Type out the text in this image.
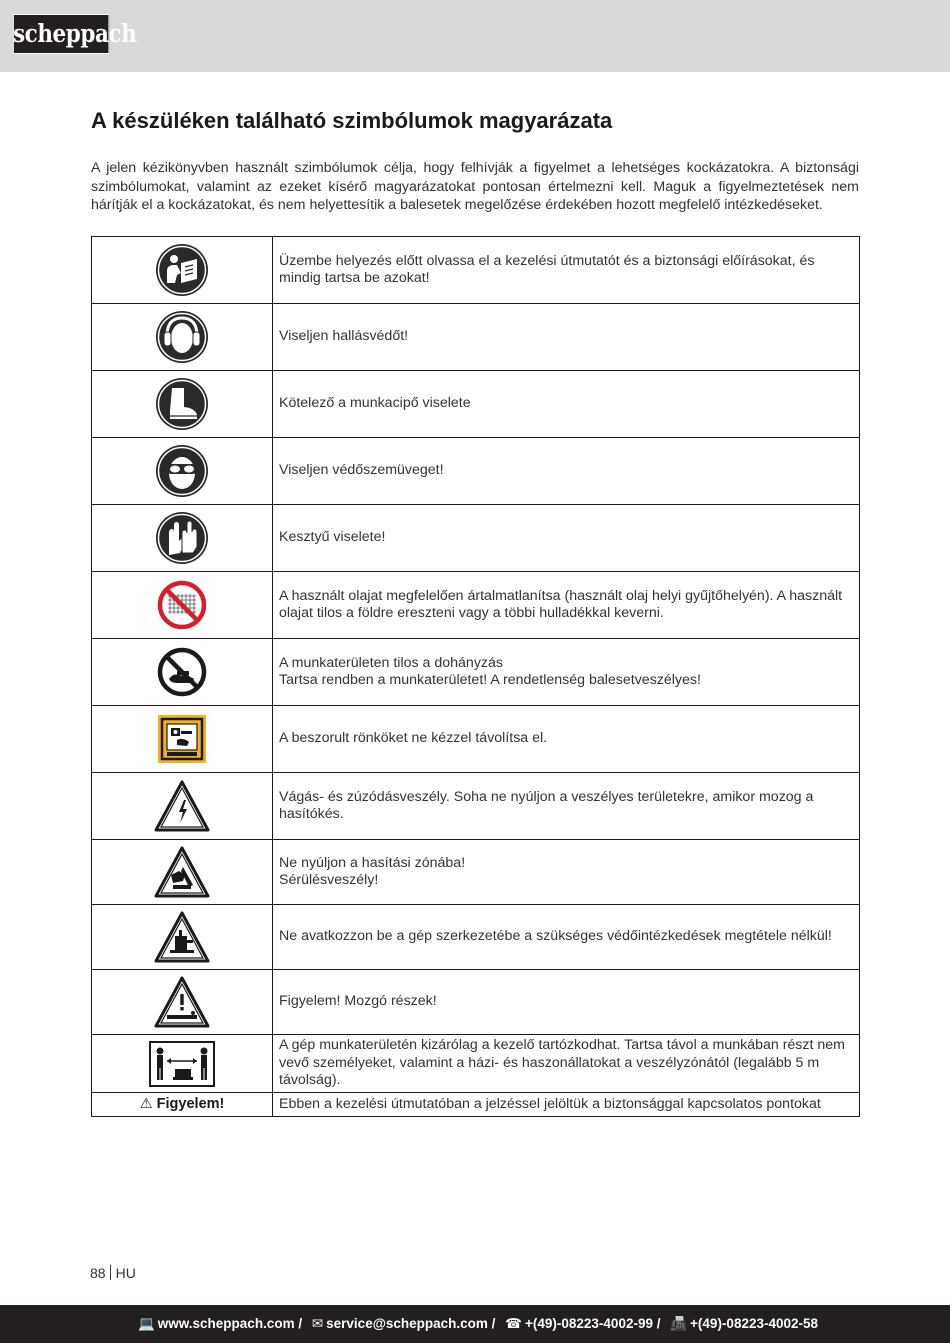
scheppach
A készüléken található szimbólumok magyarázata

A jelen kézikönyvben használt szimbólumok célja, hogy felhívják a figyelmet a lehetséges kockázatokra. A biztonsági szimbólumokat, valamint az ezeket kísérő magyarázatokat pontosan értelmezni kell. Maguk a figyelmeztetések nem hárítják el a kockázatokat, és nem helyettesítik a balesetek megelőzése érdekében hozott megfelelő intézkedéseket.

Üzembe helyezés előtt olvassa el a kezelési útmutatót és a biztonsági előírásokat, és mindig tartsa be azokat!

Viseljen hallásvédőt!

Kötelező a munkacipő viselete

Viseljen védőszemüveget!

Kesztyű viselete!

A használt olajat megfelelően ártalmatlanítsa (használt olaj helyi gyűjtőhelyén). A használt olajat tilos a földre ereszteni vagy a többi hulladékkal keverni.

A munkaterületen tilos a dohányzás
Tartsa rendben a munkaterületet! A rendetlenség balesetveszélyes!

A beszorult rönköket ne kézzel távolítsa el.

Vágás- és zúzódásveszély. Soha ne nyúljon a veszélyes területekre, amikor mozog a hasítókés.

Ne nyúljon a hasítási zónába!
Sérülésveszély!

Ne avatkozzon be a gép szerkezetébe a szükséges védőintézkedések megtétele nélkül!

Figyelem! Mozgó részek!

A gép munkaterületén kizárólag a kezelő tartózkodhat. Tartsa távol a munkában részt nem vevő személyeket, valamint a házi- és haszonállatokat a veszélyzónától (legalább 5 m távolság).

⚠ Figyelem!	Ebben a kezelési útmutatóban a jelzéssel jelöltük a biztonsággal kapcsolatos pontokat
88 HU
💻 www.scheppach.com / ✉ service@scheppach.com / ☎ +(49)-08223-4002-99 / 📠 +(49)-08223-4002-58
